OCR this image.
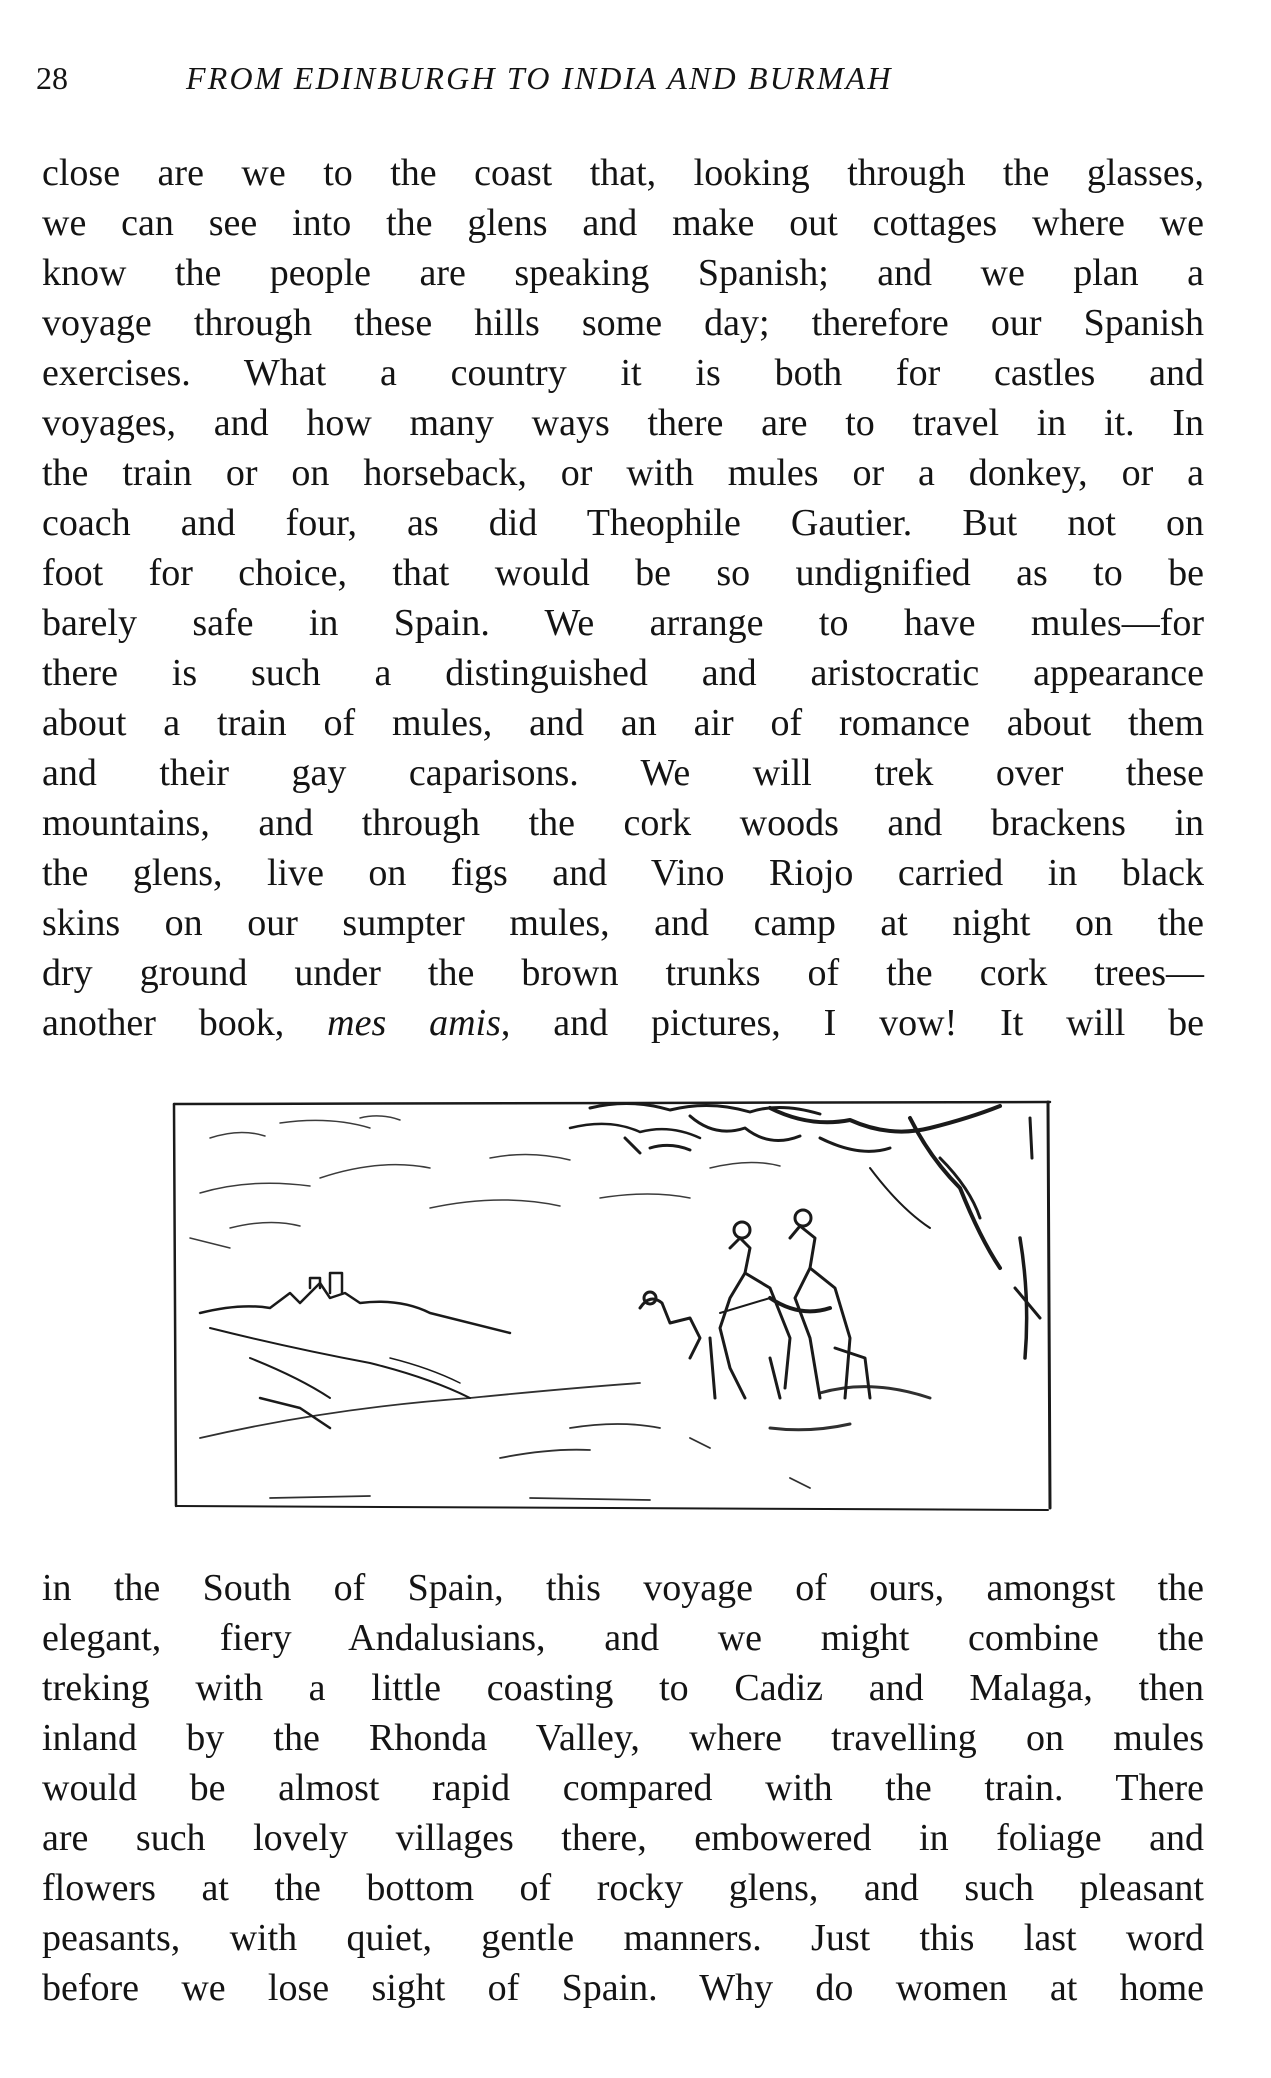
28	FROM EDINBURGH TO INDIA AND BURMAH
close are we to the coast that, looking through the glasses,
we can see into the glens and make out cottages where we
know the people are speaking Spanish; and we plan a
voyage through these hills some day; therefore our Spanish
exercises. What a country it is both for castles and
voyages, and how many ways there are to travel in it. In
the train or on horseback, or with mules or a donkey, or a
coach and four, as did Theophile Gautier. But not on
foot for choice, that would be so undignified as to be
barely safe in Spain. We arrange to have mules—for
there is such a distinguished and aristocratic appearance
about a train of mules, and an air of romance about them
and their gay caparisons. We will trek over these
mountains, and through the cork woods and brackens in
the glens, live on figs and Vino Riojo carried in black
skins on our sumpter mules, and camp at night on the
dry ground under the brown trunks of the cork trees—
another book, mes amis, and pictures, I vow! It will be
in the South of Spain, this voyage of ours, amongst the
elegant, fiery Andalusians, and we might combine the
treking with a little coasting to Cadiz and Malaga, then
inland by the Rhonda Valley, where travelling on mules
would be almost rapid compared with the train. There
are such lovely villages there, embowered in foliage and
flowers at the bottom of rocky glens, and such pleasant
peasants, with quiet, gentle manners. Just this last word
before we lose sight of Spain. Why do women at home
